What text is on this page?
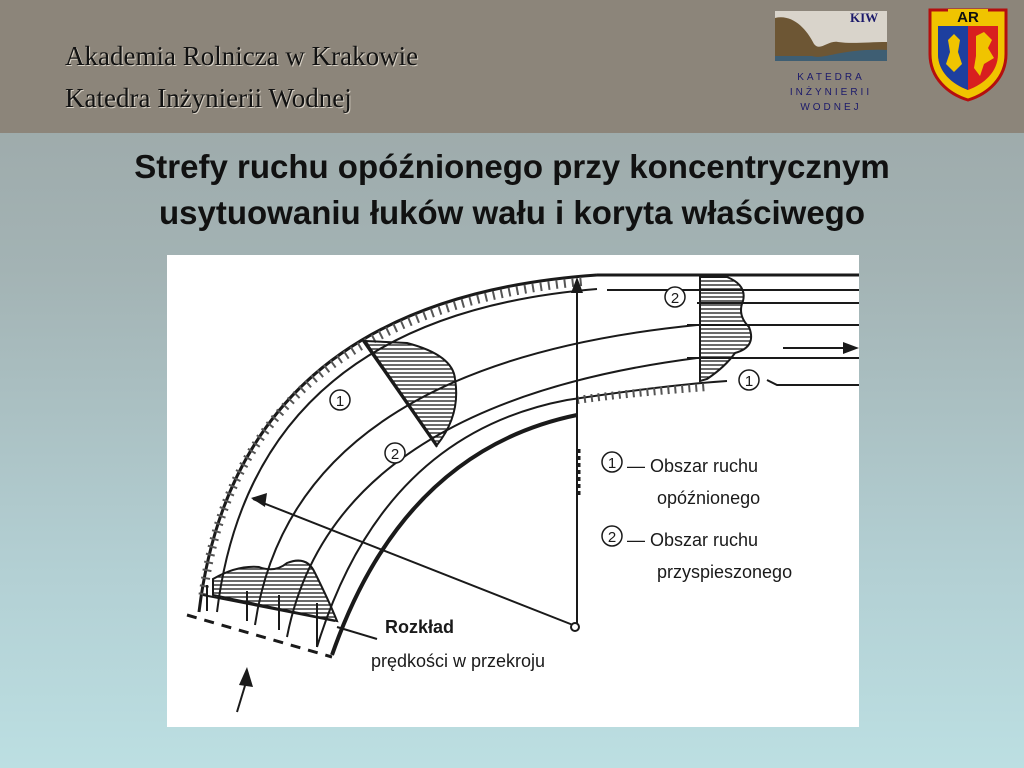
Akademia Rolnicza w Krakowie
Katedra Inżynierii Wodnej
KIW
KATEDRA
INŻYNIERII
WODNEJ
AR
Strefy ruchu opóźnionego przy koncentrycznym
usytuowaniu łuków wału i koryta właściwego
1
2
2
1
1 — Obszar ruchu
opóźnionego
2 — Obszar ruchu
przyspieszonego
Rozkład
prędkości w przekroju
